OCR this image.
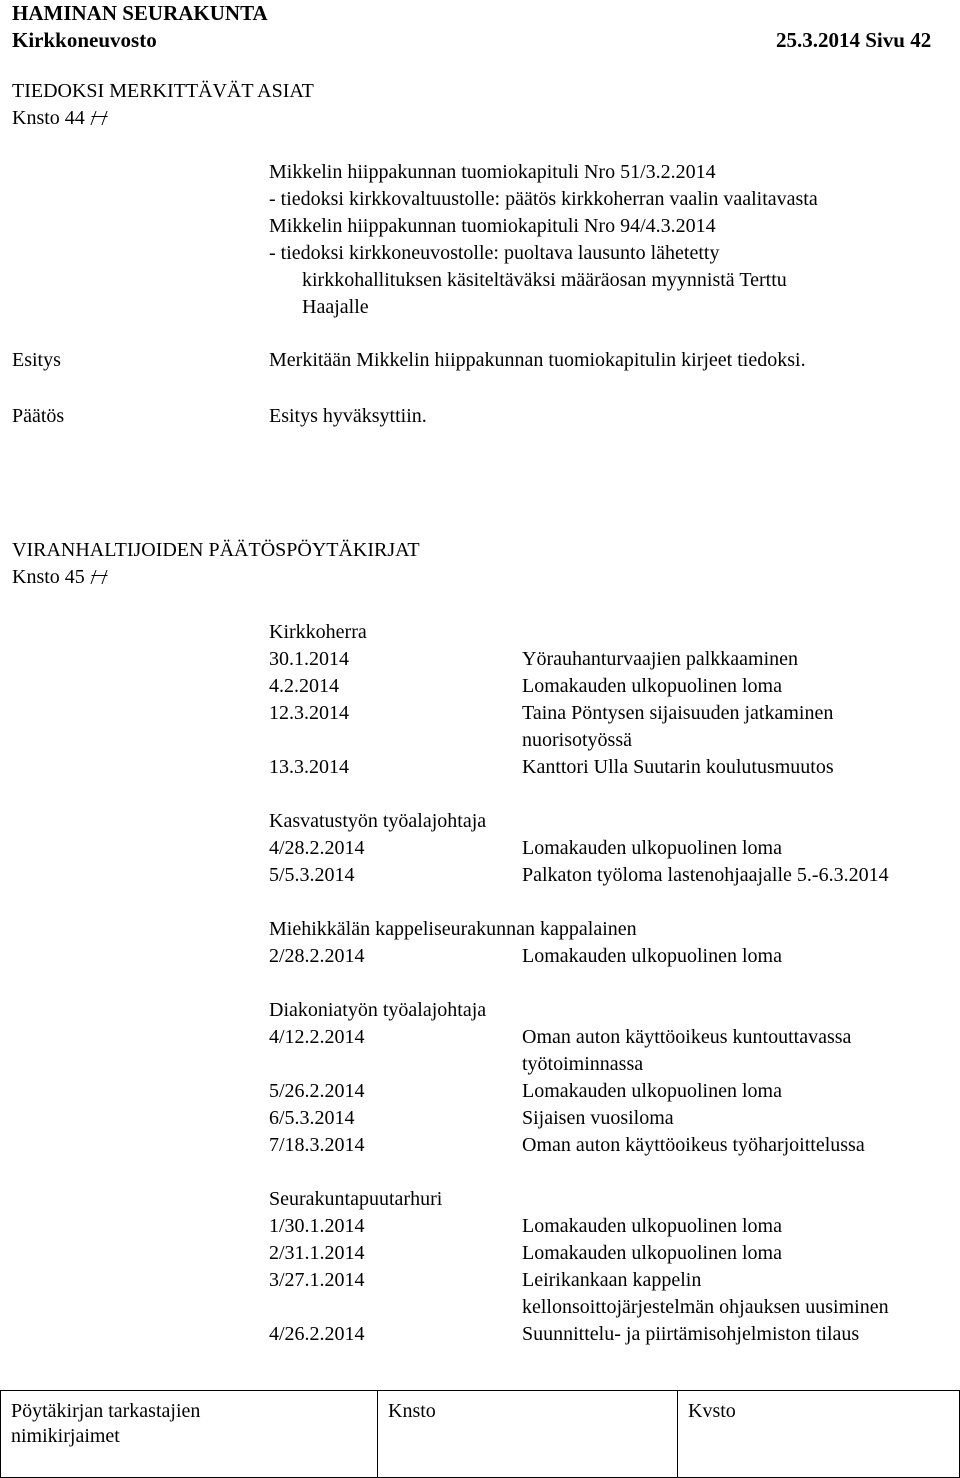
HAMINAN SEURAKUNTA
Kirkkoneuvosto	25.3.2014 Sivu 42
TIEDOKSI MERKITTÄVÄT ASIAT
Knsto 44
Mikkelin hiippakunnan tuomiokapituli Nro 51/3.2.2014
- tiedoksi kirkkovaltuustolle: päätös kirkkoherran vaalin vaalitavasta
Mikkelin hiippakunnan tuomiokapituli Nro 94/4.3.2014
- tiedoksi kirkkoneuvostolle: puoltava lausunto lähetetty
kirkkohallituksen käsiteltäväksi määräosan myynnistä Terttu
Haajalle
Esitys	Merkitään Mikkelin hiippakunnan tuomiokapitulin kirjeet tiedoksi.
Päätös	Esitys hyväksyttiin.
VIRANHALTIJOIDEN PÄÄTÖSPÖYTÄKIRJAT
Knsto 45
Kirkkoherra
30.1.2014	Yörauhanturvaajien palkkaaminen
4.2.2014	Lomakauden ulkopuolinen loma
12.3.2014	Taina Pöntysen sijaisuuden jatkaminen
nuorisotyössä
13.3.2014	Kanttori Ulla Suutarin koulutusmuutos
Kasvatustyön työalajohtaja
4/28.2.2014	Lomakauden ulkopuolinen loma
5/5.3.2014	Palkaton työloma lastenohjaajalle 5.-6.3.2014
Miehikkälän kappeliseurakunnan kappalainen
2/28.2.2014	Lomakauden ulkopuolinen loma
Diakoniatyön työalajohtaja
4/12.2.2014	Oman auton käyttöoikeus kuntouttavassa
työtoiminnassa
5/26.2.2014	Lomakauden ulkopuolinen loma
6/5.3.2014	Sijaisen vuosiloma
7/18.3.2014	Oman auton käyttöoikeus työharjoittelussa
Seurakuntapuutarhuri
1/30.1.2014	Lomakauden ulkopuolinen loma
2/31.1.2014	Lomakauden ulkopuolinen loma
3/27.1.2014	Leirikankaan kappelin
kellonsoittojärjestelmän ohjauksen uusiminen
4/26.2.2014	Suunnittelu- ja piirtämisohjelmiston tilaus
Pöytäkirjan tarkastajien
nimikirjaimet
Knsto	Kvsto
